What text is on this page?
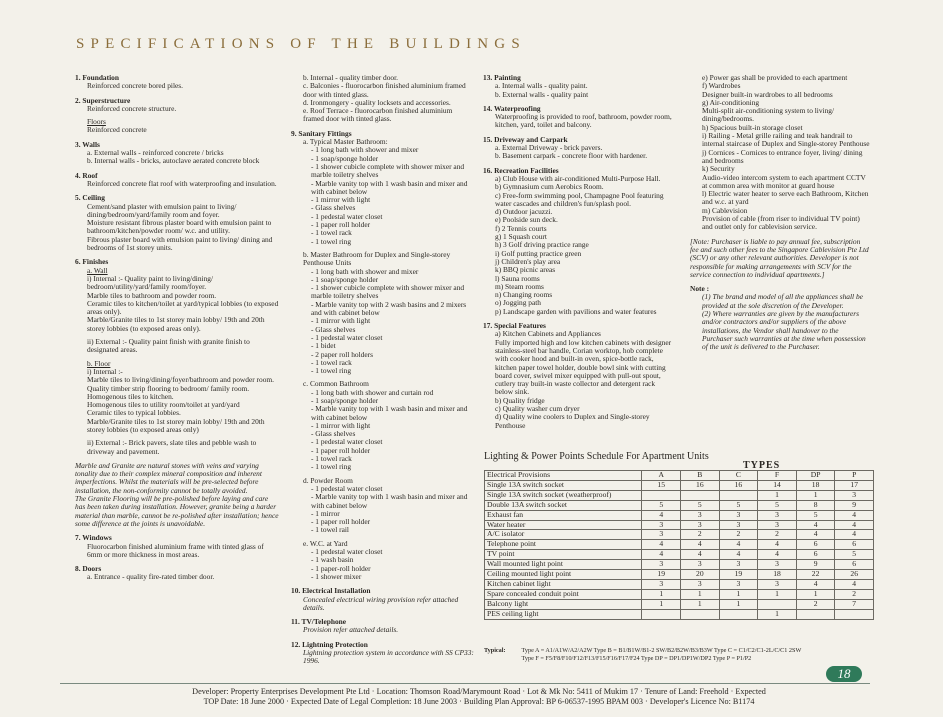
SPECIFICATIONS OF THE BUILDINGS
1. Foundation
Reinforced concrete bored piles.
2. Superstructure
Reinforced concrete structure.
Floors
Reinforced concrete
3. Walls
a. External walls - reinforced concrete / bricks
b. Internal walls - bricks, autoclave aerated concrete block
4. Roof
Reinforced concrete flat roof with waterproofing and insulation.
5. Ceiling
Cement/sand plaster with emulsion paint to living/ dining/bedroom/yard/family room and foyer.
Moisture resistant fibrous plaster board with emulsion paint to bathroom/kitchen/powder room/ w.c. and utility.
Fibrous plaster board with emulsion paint to living/ dining and bedrooms of 1st storey units.
6. Finishes
a. Wall
i) Internal :- Quality paint to living/dining/ bedroom/utility/yard/family room/foyer.
Marble tiles to bathroom and powder room.
Ceramic tiles to kitchen/toilet at yard/typical lobbies (to exposed areas only).
Marble/Granite tiles to 1st storey main lobby/ 19th and 20th storey lobbies (to exposed areas only).
ii) External :- Quality paint finish with granite finish to designated areas.
b. Floor
i) Internal :-
Marble tiles to living/dining/foyer/bathroom and powder room.
Quality timber strip flooring to bedroom/ family room.
Homogenous tiles to kitchen.
Homogenous tiles to utility room/toilet at yard/yard
Ceramic tiles to typical lobbies.
Marble/Granite tiles to 1st storey main lobby/ 19th and 20th storey lobbies (to exposed areas only)
ii) External :- Brick pavers, slate tiles and pebble wash to driveway and pavement.
Marble and Granite are natural stones with veins and varying tonality due to their complex mineral composition and inherent imperfections. Whilst the materials will be pre-selected before installation, the non-conformity cannot be totally avoided.
The Granite Flooring will be pre-polished before laying and care has been taken during installation. However, granite being a harder material than marble, cannot be re-polished after installation; hence some difference at the joints is unavoidable.
7. Windows
Fluorocarbon finished aluminium frame with tinted glass of 6mm or more thickness in most areas.
8. Doors
a. Entrance - quality fire-rated timber door.
b. Internal - quality timber door.
c. Balconies - fluorocarbon finished aluminium framed door with tinted glass.
d. Ironmongery - quality locksets and accessories.
e. Roof Terrace - fluorocarbon finished aluminium framed door with tinted glass.
9. Sanitary Fittings
a. Typical Master Bathroom:
- 1 long bath with shower and mixer
- 1 soap/sponge holder
- 1 shower cubicle complete with shower mixer and marble toiletry shelves
- Marble vanity top with 1 wash basin and mixer and with cabinet below
- 1 mirror with light
- Glass shelves
- 1 pedestal water closet
- 1 paper roll holder
- 1 towel rack
- 1 towel ring
b. Master Bathroom for Duplex and Single-storey Penthouse Units
- 1 long bath with shower and mixer
- 1 soap/sponge holder
- 1 shower cubicle complete with shower mixer and marble toiletry shelves
- Marble vanity top with 2 wash basins and 2 mixers and with cabinet below
- 1 mirror with light
- Glass shelves
- 1 pedestal water closet
- 1 bidet
- 2 paper roll holders
- 1 towel rack
- 1 towel ring
c. Common Bathroom
- 1 long bath with shower and curtain rod
- 1 soap/sponge holder
- Marble vanity top with 1 wash basin and mixer and with cabinet below
- 1 mirror with light
- Glass shelves
- 1 pedestal water closet
- 1 paper roll holder
- 1 towel rack
- 1 towel ring
d. Powder Room
- 1 pedestal water closet
- Marble vanity top with 1 wash basin and mixer and with cabinet below
- 1 mirror
- 1 paper roll holder
- 1 towel rail
e. W.C. at Yard
- 1 pedestal water closet
- 1 wash basin
- 1 paper-roll holder
- 1 shower mixer
10. Electrical Installation
Concealed electrical wiring provision refer attached details.
11. TV/Telephone
Provision refer attached details.
12. Lightning Protection
Lightning protection system in accordance with SS CP33: 1996.
13. Painting
a. Internal walls - quality paint.
b. External walls - quality paint
14. Waterproofing
Waterproofing is provided to roof, bathroom, powder room, kitchen, yard, toilet and balcony.
15. Driveway and Carpark
a. External Driveway - brick pavers.
b. Basement carpark - concrete floor with hardener.
16. Recreation Facilities
a) Club House with air-conditioned Multi-Purpose Hall.
b) Gymnasium cum Aerobics Room.
c) Free-form swimming pool, Champagne Pool featuring water cascades and children's fun/splash pool.
d) Outdoor jacuzzi.
e) Poolside sun deck.
f) 2 Tennis courts
g) 1 Squash court
h) 3 Golf driving practice range
i) Golf putting practice green
j) Children's play area
k) BBQ picnic areas
l) Sauna rooms
m) Steam rooms
n) Changing rooms
o) Jogging path
p) Landscape garden with pavilions and water features
17. Special Features
a) Kitchen Cabinets and Appliances
Fully imported high and low kitchen cabinets with designer stainless-steel bar handle, Corian worktop, hob complete with cooker hood and built-in oven, spice-bottle rack, kitchen paper towel holder, double bowl sink with cutting board cover, swivel mixer equipped with pull-out spout, cutlery tray built-in waste collector and detergent rack below sink.
b) Quality fridge
c) Quality washer cum dryer
d) Quality wine coolers to Duplex and Single-storey Penthouse
e) Power gas shall be provided to each apartment
f) Wardrobes
Designer built-in wardrobes to all bedrooms
g) Air-conditioning
Multi-split air-conditioning system to living/ dining/bedrooms.
h) Spacious built-in storage closet
i) Railing - Metal grille railing and teak handrail to internal staircase of Duplex and Single-storey Penthouse
j) Cornices - Cornices to entrance foyer, living/ dining and bedrooms
k) Security
Audio-video intercom system to each apartment CCTV at common area with monitor at guard house
l) Electric water heater to serve each Bathroom, Kitchen and w.c. at yard
m) Cablevision
Provision of cable (from riser to individual TV point) and outlet only for cablevision service.
[Note: Purchaser is liable to pay annual fee, subscription fee and such other fees to the Singapore Cablevision Pte Ltd (SCV) or any other relevant authorities. Developer is not responsible for making arrangements with SCV for the service connection to individual apartments.]
Note :
(1) The brand and model of all the appliances shall be provided at the sole discretion of the Developer.
(2) Where warranties are given by the manufacturers and/or contractors and/or suppliers of the above installations, the Vendor shall handover to the Purchaser such warranties at the time when possession of the unit is delivered to the Purchaser.
Lighting & Power Points Schedule For Apartment Units
TYPES
Electrical Provisions	A	B	C	F	DP	P
Single 13A switch socket	15	16	16	14	18	17
Single 13A switch socket (weatherproof)				1	1	3
Double 13A switch socket	5	5	5	5	8	9
Exhaust fan	4	3	3	3	5	4
Water heater	3	3	3	3	4	4
A/C isolator	3	2	2	2	4	4
Telephone point	4	4	4	4	6	6
TV point	4	4	4	4	6	5
Wall mounted light point	3	3	3	3	9	6
Ceiling mounted light point	19	20	19	18	22	26
Kitchen cabinet light	3	3	3	3	4	4
Spare concealed conduit point	1	1	1	1	1	2
Balcony light	1	1	1		2	7
PES ceiling light				1		
Typical:	Type A = A1/A1W/A2/A2W Type B = B1/B1W/B1-2 SW/B2/B2W/B3/B3W Type C = C1/C2/C1-2L/C/C1 2SW
Type F = F5/F8/F10/F12/F13/F15/F16/F17/F24 Type DP = DP1/DP1W/DP2 Type P = P1/P2
18
Developer: Property Enterprises Development Pte Ltd · Location: Thomson Road/Marymount Road · Lot & Mk No: 5411 of Mukim 17 · Tenure of Land: Freehold · Expected
TOP Date: 18 June 2000 · Expected Date of Legal Completion: 18 June 2003 · Building Plan Approval: BP 6-06537-1995 BPAM 003 · Developer's Licence No: B1174
